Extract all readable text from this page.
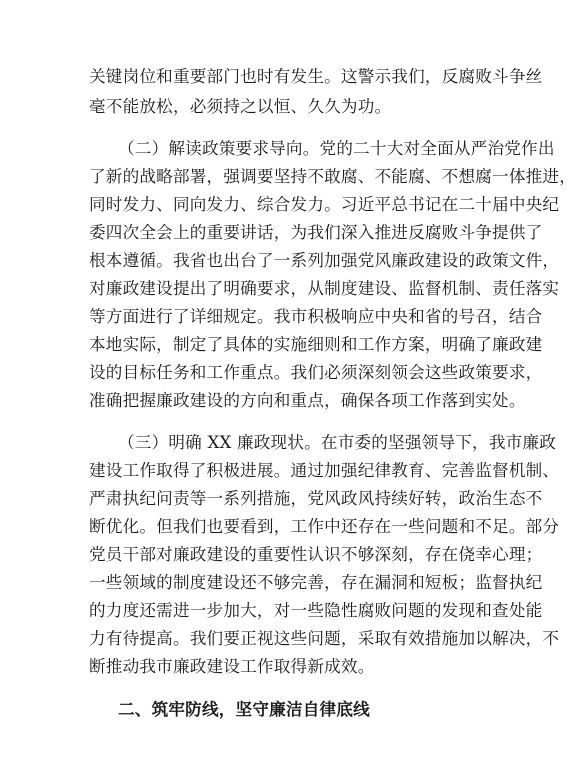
关键岗位和重要部门也时有发生。这警示我们，反腐败斗争丝
毫不能放松，必须持之以恒、久久为功。
（二）解读政策要求导向。党的二十大对全面从严治党作出
了新的战略部署，强调要坚持不敢腐、不能腐、不想腐一体推进，
同时发力、同向发力、综合发力。习近平总书记在二十届中央纪
委四次全会上的重要讲话，为我们深入推进反腐败斗争提供了
根本遵循。我省也出台了一系列加强党风廉政建设的政策文件，
对廉政建设提出了明确要求，从制度建设、监督机制、责任落实
等方面进行了详细规定。我市积极响应中央和省的号召，结合
本地实际，制定了具体的实施细则和工作方案，明确了廉政建
设的目标任务和工作重点。我们必须深刻领会这些政策要求，
准确把握廉政建设的方向和重点，确保各项工作落到实处。
（三）明确 XX 廉政现状。在市委的坚强领导下，我市廉政
建设工作取得了积极进展。通过加强纪律教育、完善监督机制、
严肃执纪问责等一系列措施，党风政风持续好转，政治生态不
断优化。但我们也要看到，工作中还存在一些问题和不足。部分
党员干部对廉政建设的重要性认识不够深刻，存在侥幸心理；
一些领域的制度建设还不够完善，存在漏洞和短板；监督执纪
的力度还需进一步加大，对一些隐性腐败问题的发现和查处能
力有待提高。我们要正视这些问题，采取有效措施加以解决，不
断推动我市廉政建设工作取得新成效。
二、筑牢防线，坚守廉洁自律底线
